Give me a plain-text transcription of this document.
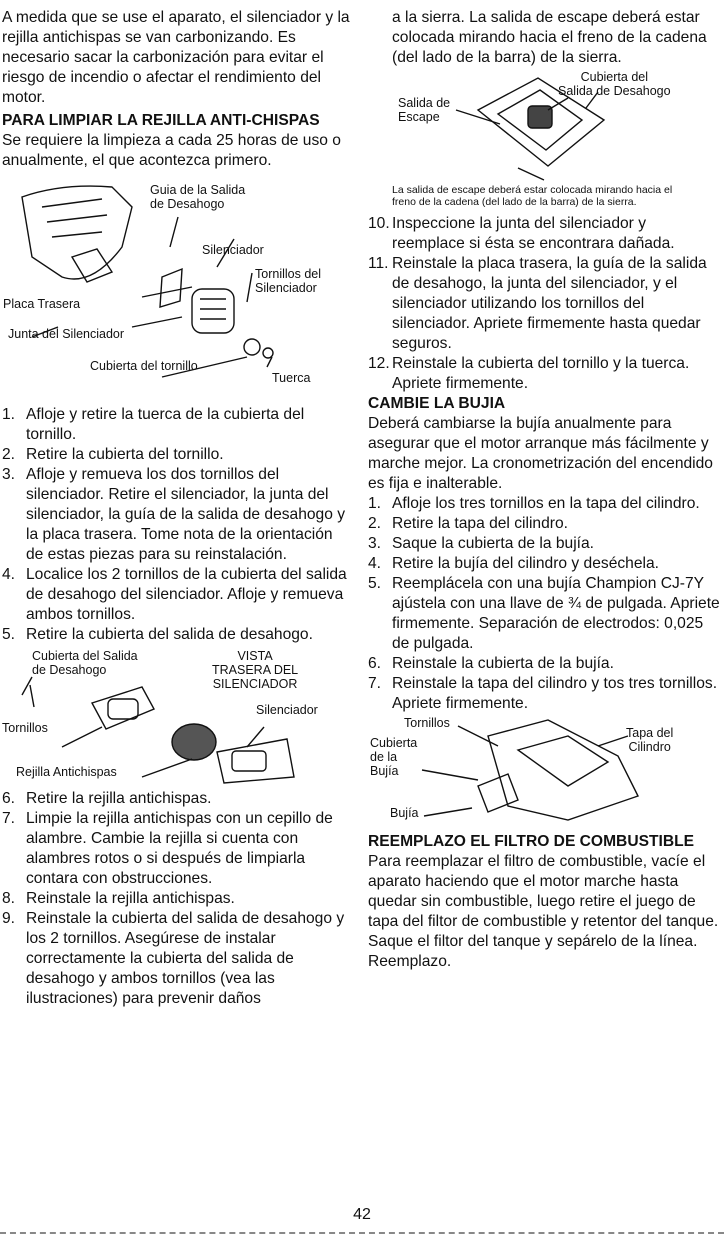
A medida que se use el aparato, el silenciador y la rejilla antichispas se van carbonizando. Es necesario sacar la carbonización para evitar el riesgo de incendio o afectar el rendimiento del motor.

PARA LIMPIAR LA REJILLA ANTI-CHISPAS

Se requiere la limpieza a cada 25 horas de uso o anualmente, el que acontezca primero.

Guia de la Salida
de Desahogo
Silenciador
Tornillos del
Silenciador
Placa Trasera
Junta del Silenciador
Cubierta del tornillo
Tuerca
1. Afloje y retire la tuerca de la cubierta del tornillo.
2. Retire la cubierta del tornillo.
3. Afloje y remueva los dos tornillos del silenciador. Retire el silenciador, la junta del silenciador, la guía de la salida de desahogo y la placa trasera. Tome nota de la orientación de estas piezas para su reinstalación.
4. Localice los 2 tornillos de la cubierta del salida de desahogo del silenciador. Afloje y remueva ambos tornillos.
5. Retire la cubierta del salida de desahogo.
Cubierta del Salida
de Desahogo
VISTA
TRASERA DEL
SILENCIADOR
Silenciador
Tornillos
Rejilla Antichispas
6. Retire la rejilla antichispas.
7. Limpie la rejilla antichispas con un cepillo de alambre. Cambie la rejilla si cuenta con alambres rotos o si después de limpiarla contara con obstrucciones.
8. Reinstale la rejilla antichispas.
9. Reinstale la cubierta del salida de desahogo y los 2 tornillos. Asegúrese de instalar correctamente la cubierta del salida de desahogo y ambos tornillos (vea las ilustraciones) para prevenir daños

a la sierra. La salida de escape deberá estar colocada mirando hacia el freno de la cadena (del lado de la barra) de la sierra.

Cubierta del
Salida de Desahogo
Salida de
Escape

La salida de escape deberá estar colocada mirando hacia el freno de la cadena (del lado de la barra) de la sierra.

10. Inspeccione la junta del silenciador y reemplace si ésta se encontrara dañada.
11. Reinstale la placa trasera, la guía de la salida de desahogo, la junta del silenciador, y el silenciador utilizando los tornillos del silenciador. Apriete firmemente hasta quedar seguros.
12. Reinstale la cubierta del tornillo y la tuerca. Apriete firmemente.

CAMBIE LA BUJIA

Deberá cambiarse la bujía anualmente para asegurar que el motor arranque más fácilmente y marche mejor. La cronometrización del encendido es fija e inalterable.

1. Afloje los tres tornillos en la tapa del cilindro.
2. Retire la tapa del cilindro.
3. Saque la cubierta de la bujía.
4. Retire la bujía del cilindro y deséchela.
5. Reemplácela con una bujía Champion CJ-7Y ajústela con una llave de ¾ de pulgada. Apriete firmemente. Separación de electrodos: 0,025 de pulgada.
6. Reinstale la cubierta de la bujía.
7. Reinstale la tapa del cilindro y tos tres tornillos. Apriete firmemente.
Tornillos
Tapa del
Cilindro
Cubierta
de la
Bujía
Bujía

REEMPLAZO EL FILTRO DE COMBUSTIBLE

Para reemplazar el filtro de combustible, vacíe el aparato haciendo que el motor marche hasta quedar sin combustible, luego retire el juego de tapa del filtor de combustible y retentor del tanque. Saque el filtor del tanque y sepárelo de la línea. Reemplazo.

42
